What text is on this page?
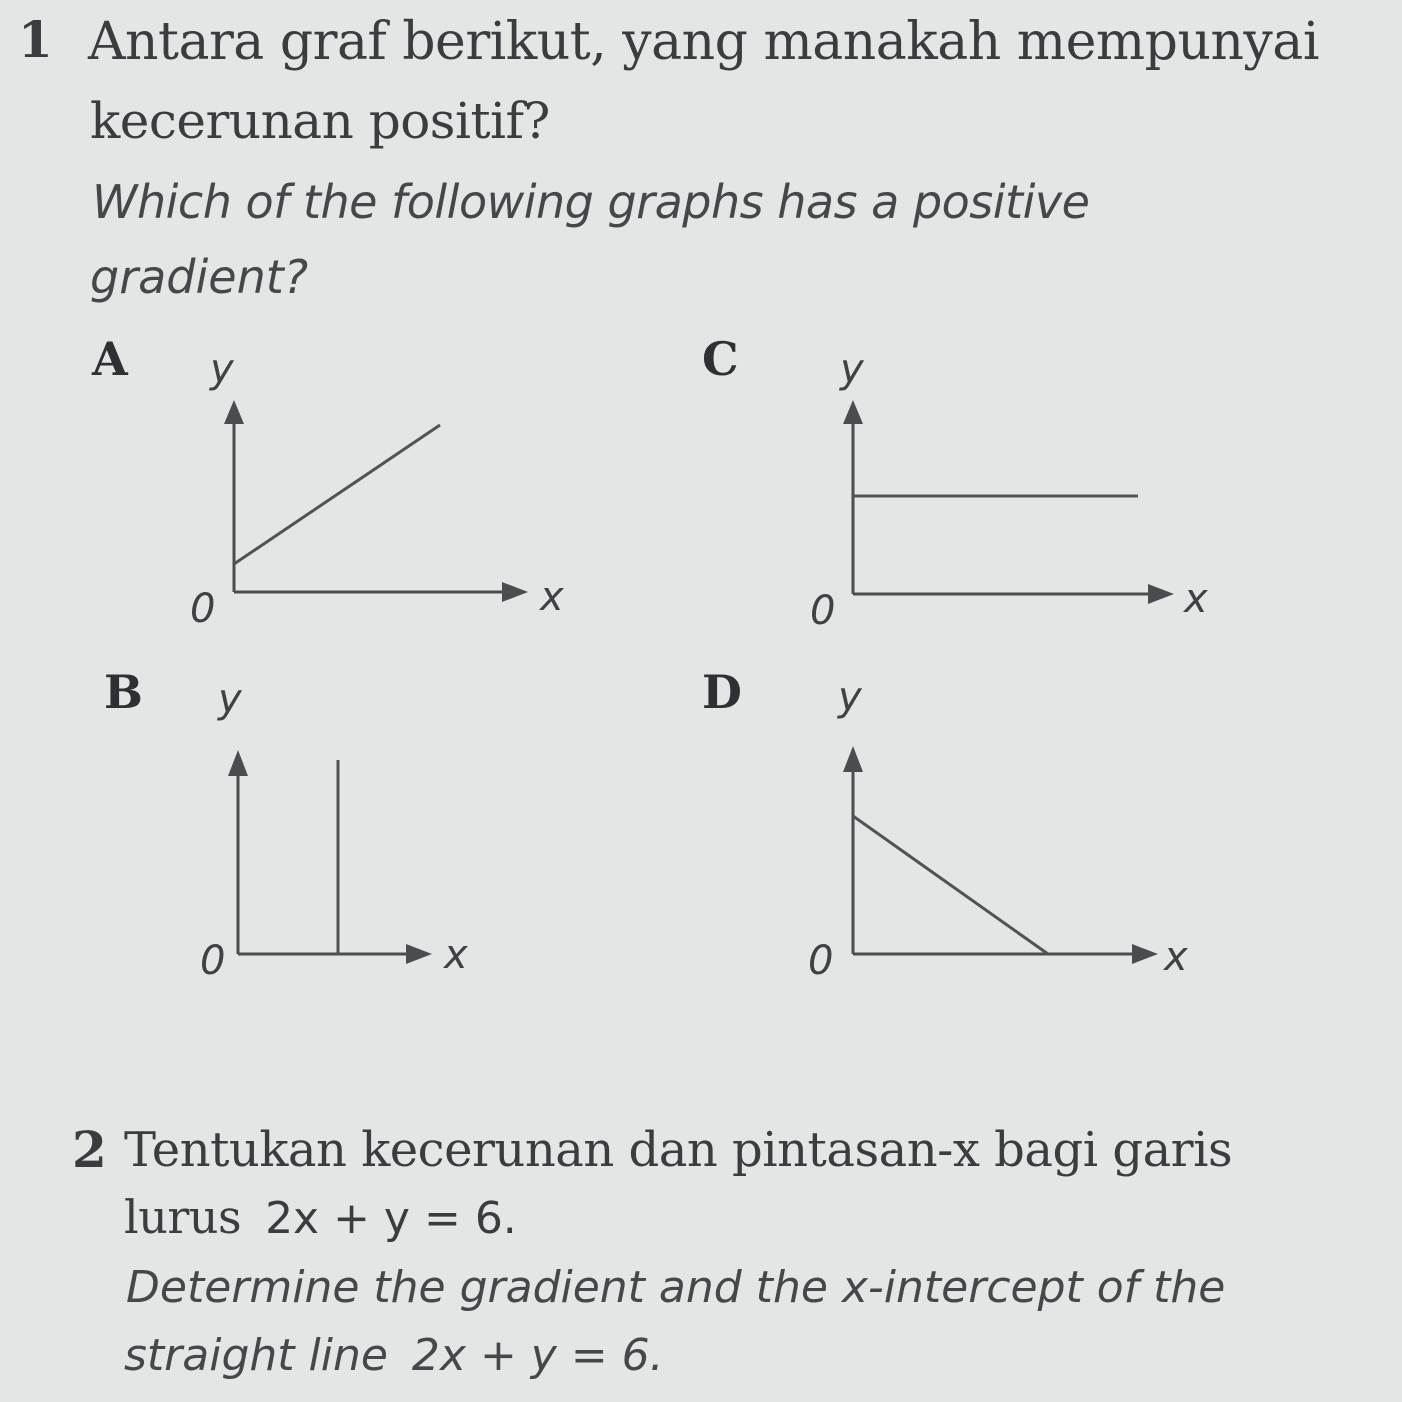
1 Antara graf berikut, yang manakah mempunyai
kecerunan positif?
Which of the following graphs has a positive
gradient?
A y
0	x
C	y
0	x
B y
0	x
D y
0	x
2 Tentukan kecerunan dan pintasan-x bagi garis
lurus 2x + y = 6.
Determine the gradient and the x-intercept of the
straight line 2x + y = 6.
